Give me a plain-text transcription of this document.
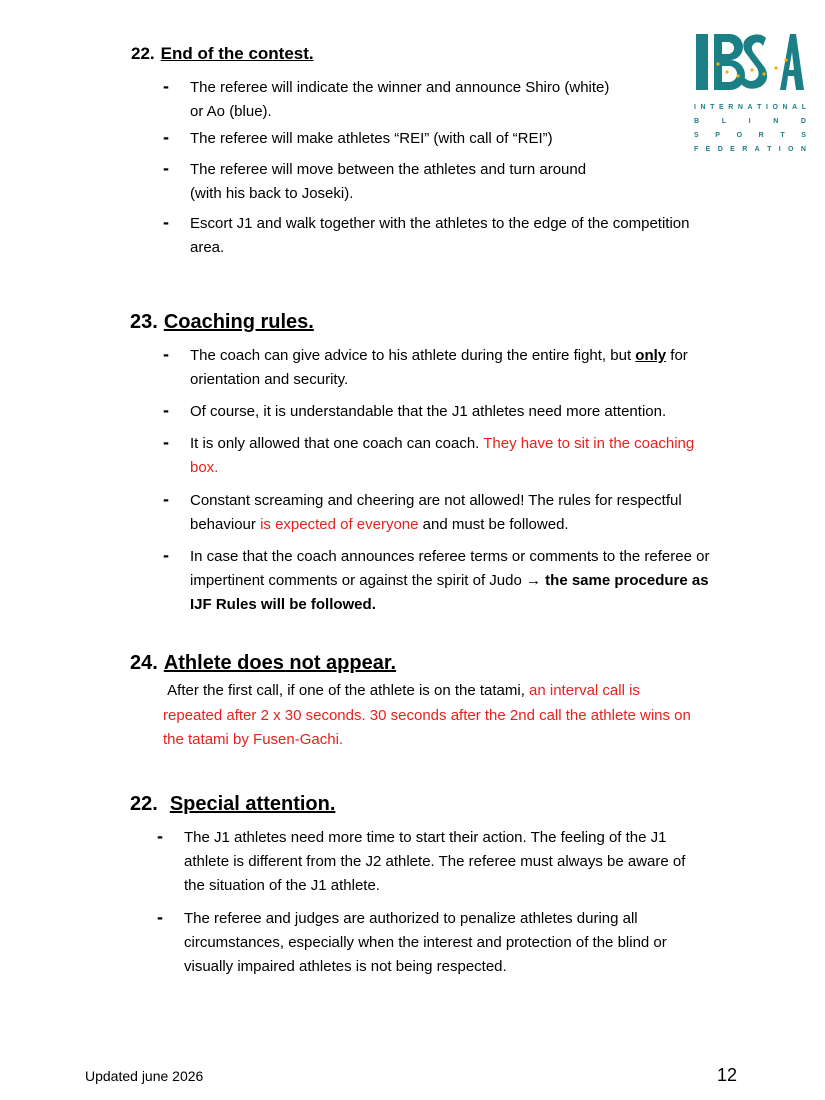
I N T E R N A T I O N A L
B	L	I	N	D
S P O R T S
F E D E R A T I O N
22. End of the contest.
- The referee will indicate the winner and announce Shiro (white)
or Ao (blue).
- The referee will make athletes “REI” (with call of “REI”)
- The referee will move between the athletes and turn around
(with his back to Joseki).
- Escort J1 and walk together with the athletes to the edge of the competition
area.
23. Coaching rules.
- The coach can give advice to his athlete during the entire fight, but only for
orientation and security.
- Of course, it is understandable that the J1 athletes need more attention.
- It is only allowed that one coach can coach. They have to sit in the coaching
box.
- Constant screaming and cheering are not allowed! The rules for respectful
behaviour is expected of everyone and must be followed.
- In case that the coach announces referee terms or comments to the referee or
impertinent comments or against the spirit of Judo → the same procedure as
IJF Rules will be followed.
24. Athlete does not appear.
After the first call, if one of the athlete is on the tatami, an interval call is
repeated after 2 x 30 seconds. 30 seconds after the 2nd call the athlete wins on
the tatami by Fusen-Gachi.
22. Special attention.
- The J1 athletes need more time to start their action. The feeling of the J1
athlete is different from the J2 athlete. The referee must always be aware of
the situation of the J1 athlete.
- The referee and judges are authorized to penalize athletes during all
circumstances, especially when the interest and protection of the blind or
visually impaired athletes is not being respected.
Updated june 2026	12
